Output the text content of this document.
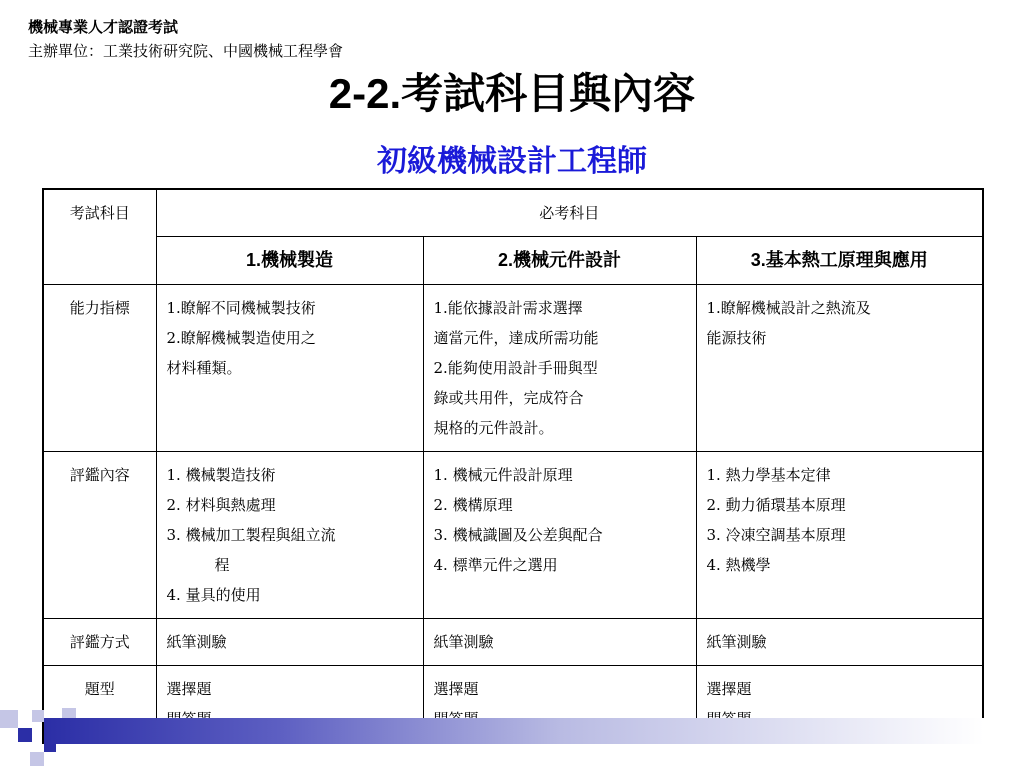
機械專業人才認證考試
主辦單位：工業技術研究院、中國機械工程學會
2-2.考試科目與內容
初級機械設計工程師
考試科目	必考科目		
	1.機械製造	2.機械元件設計	3.基本熱工原理與應用
能力指標	1.瞭解不同機械製技術
2.瞭解機械製造使用之
材料種類。	1.能依據設計需求選擇
適當元件，達成所需功能
2.能夠使用設計手冊與型
錄或共用件，完成符合
規格的元件設計。	1.瞭解機械設計之熱流及
能源技術

評鑑內容	1. 機械製造技術
2. 材料與熱處理
3. 機械加工製程與組立流
程
4. 量具的使用	1. 機械元件設計原理
2. 機構原理
3. 機械識圖及公差與配合
4. 標準元件之選用	1. 熱力學基本定律
2. 動力循環基本原理
3. 冷凍空調基本原理
4. 熱機學

評鑑方式	紙筆測驗	紙筆測驗	紙筆測驗

題型	選擇題	選擇題	選擇題
